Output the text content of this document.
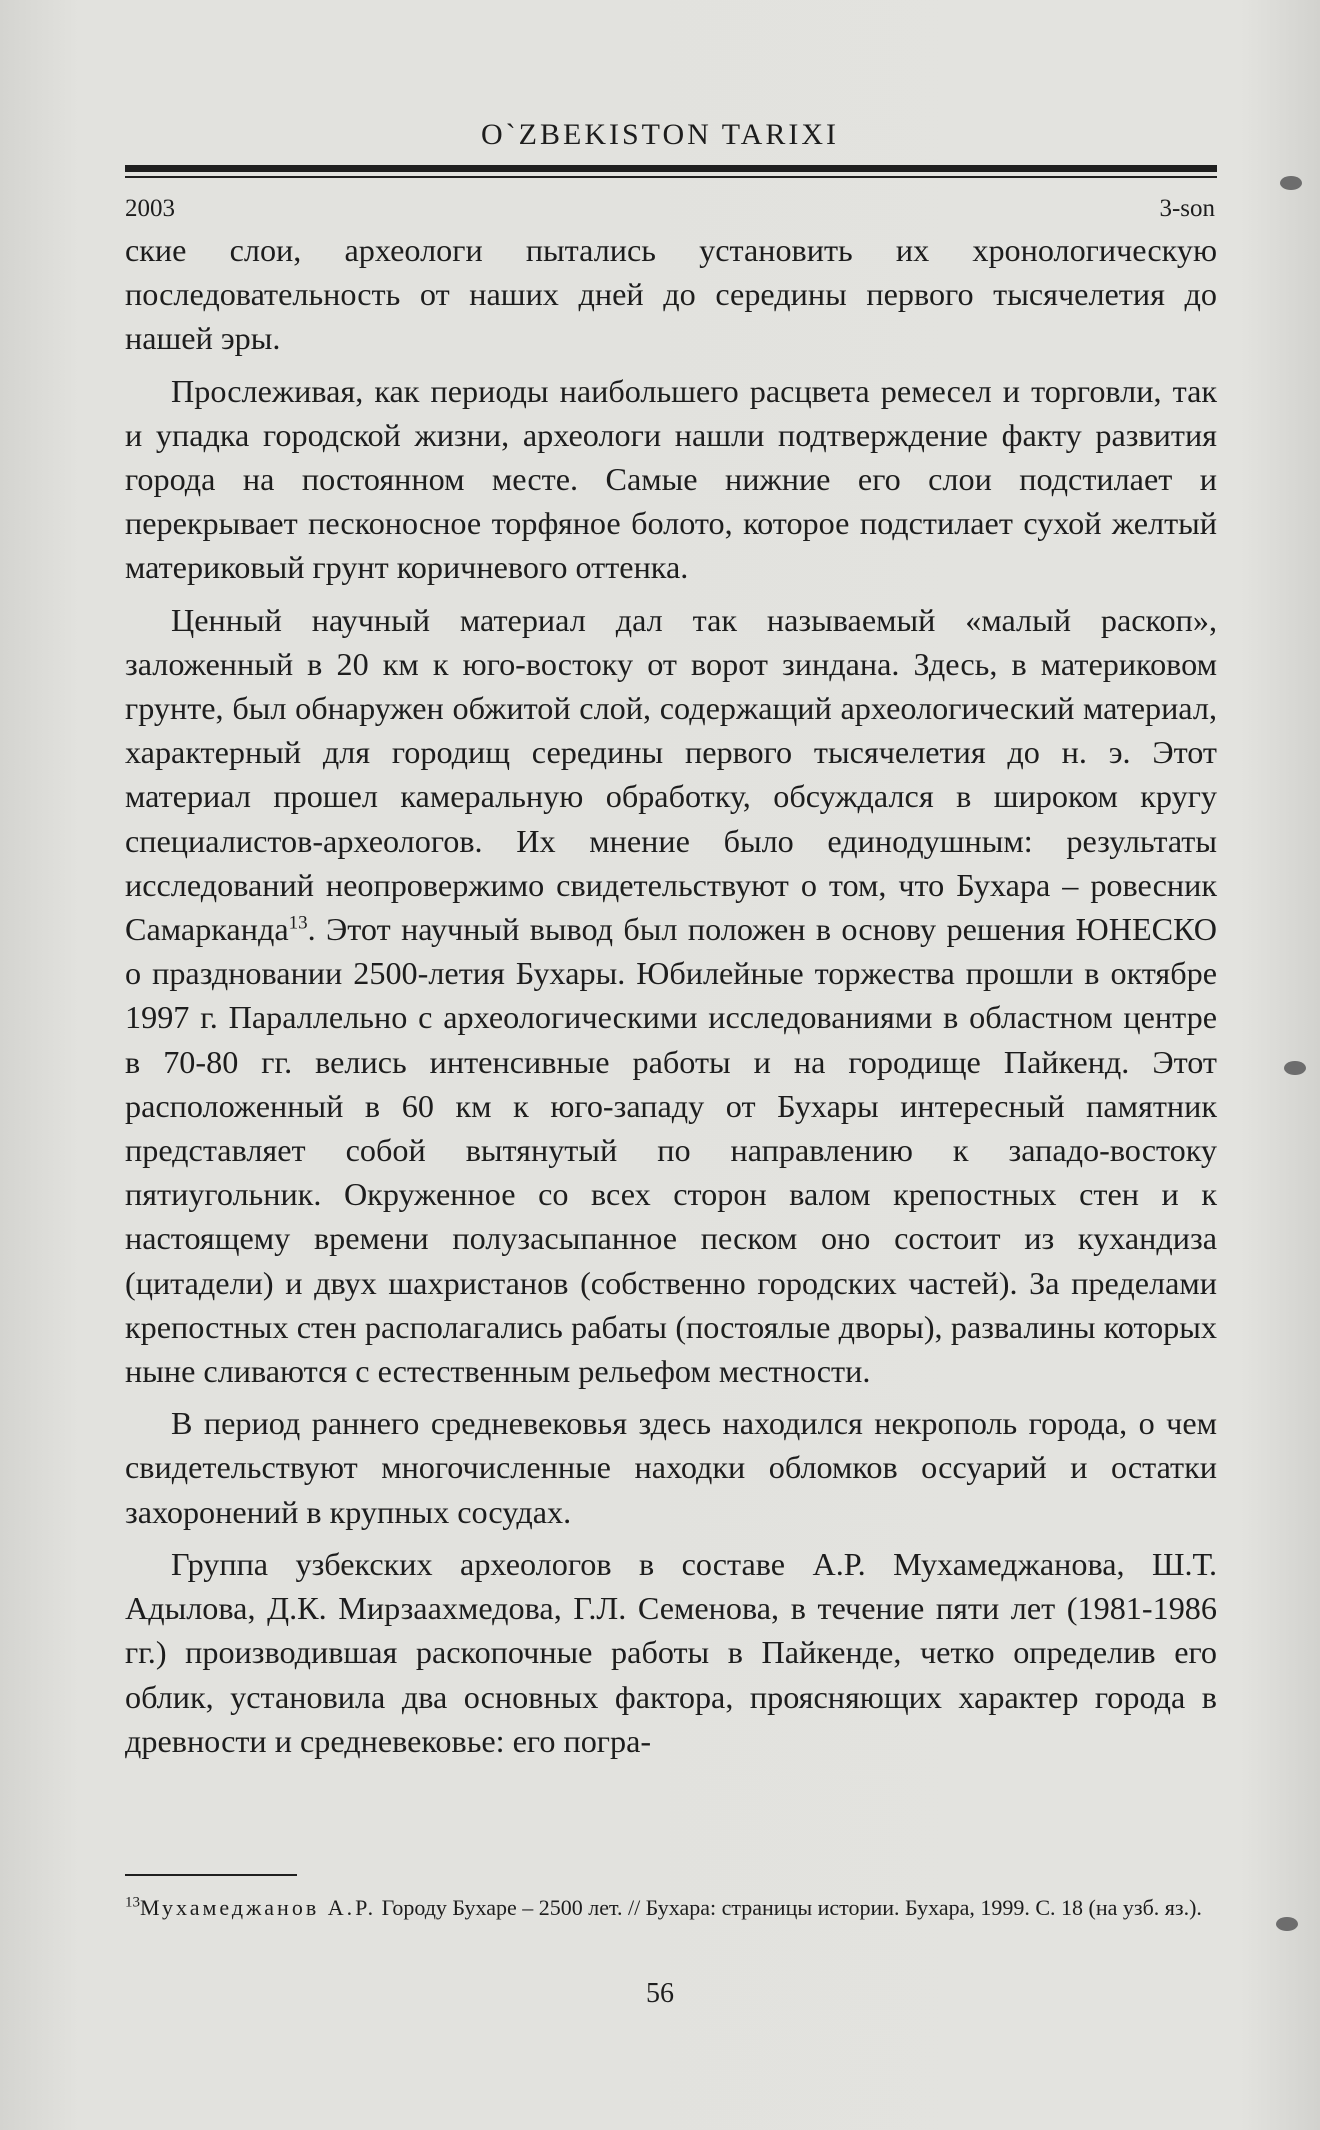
O`ZBEKISTON TARIXI
2003	3-son

ские слои, археологи пытались установить их хронологическую последовательность от наших дней до середины первого тысячелетия до нашей эры.

Прослеживая, как периоды наибольшего расцвета ремесел и торговли, так и упадка городской жизни, археологи нашли подтверждение факту развития города на постоянном месте. Самые нижние его слои подстилает и перекрывает песконосное торфяное болото, которое подстилает сухой желтый материковый грунт коричневого оттенка.

Ценный научный материал дал так называемый «малый раскоп», заложенный в 20 км к юго-востоку от ворот зиндана. Здесь, в материковом грунте, был обнаружен обжитой слой, содержащий археологический материал, характерный для городищ середины первого тысячелетия до н. э. Этот материал прошел камеральную обработку, обсуждался в широком кругу специалистов-археологов. Их мнение было единодушным: результаты исследований неопровержимо свидетельствуют о том, что Бухара – ровесник Самарканда$^{13}$. Этот научный вывод был положен в основу решения ЮНЕСКО о праздновании 2500-летия Бухары. Юбилейные торжества прошли в октябре 1997 г. Параллельно с археологическими исследованиями в областном центре в 70-80 гг. велись интенсивные работы и на городище Пайкенд. Этот расположенный в 60 км к юго-западу от Бухары интересный памятник представляет собой вытянутый по направлению к западо-востоку пятиугольник. Окруженное со всех сторон валом крепостных стен и к настоящему времени полузасыпанное песком оно состоит из кухандиза (цитадели) и двух шахристанов (собственно городских частей). За пределами крепостных стен располагались рабаты (постоялые дворы), развалины которых ныне сливаются с естественным рельефом местности.

В период раннего средневековья здесь находился некрополь города, о чем свидетельствуют многочисленные находки обломков оссуарий и остатки захоронений в крупных сосудах.

Группа узбекских археологов в составе А.Р. Мухамеджанова, Ш.Т. Адылова, Д.К. Мирзаахмедова, Г.Л. Семенова, в течение пяти лет (1981-1986 гг.) производившая раскопочные работы в Пайкенде, четко определив его облик, установила два основных фактора, проясняющих характер города в древности и средневековье: его погра-

$^{13}$Мухамеджанов А.Р. Городу Бухаре – 2500 лет. // Бухара: страницы истории. Бухара, 1999. С. 18 (на узб. яз.).
56
